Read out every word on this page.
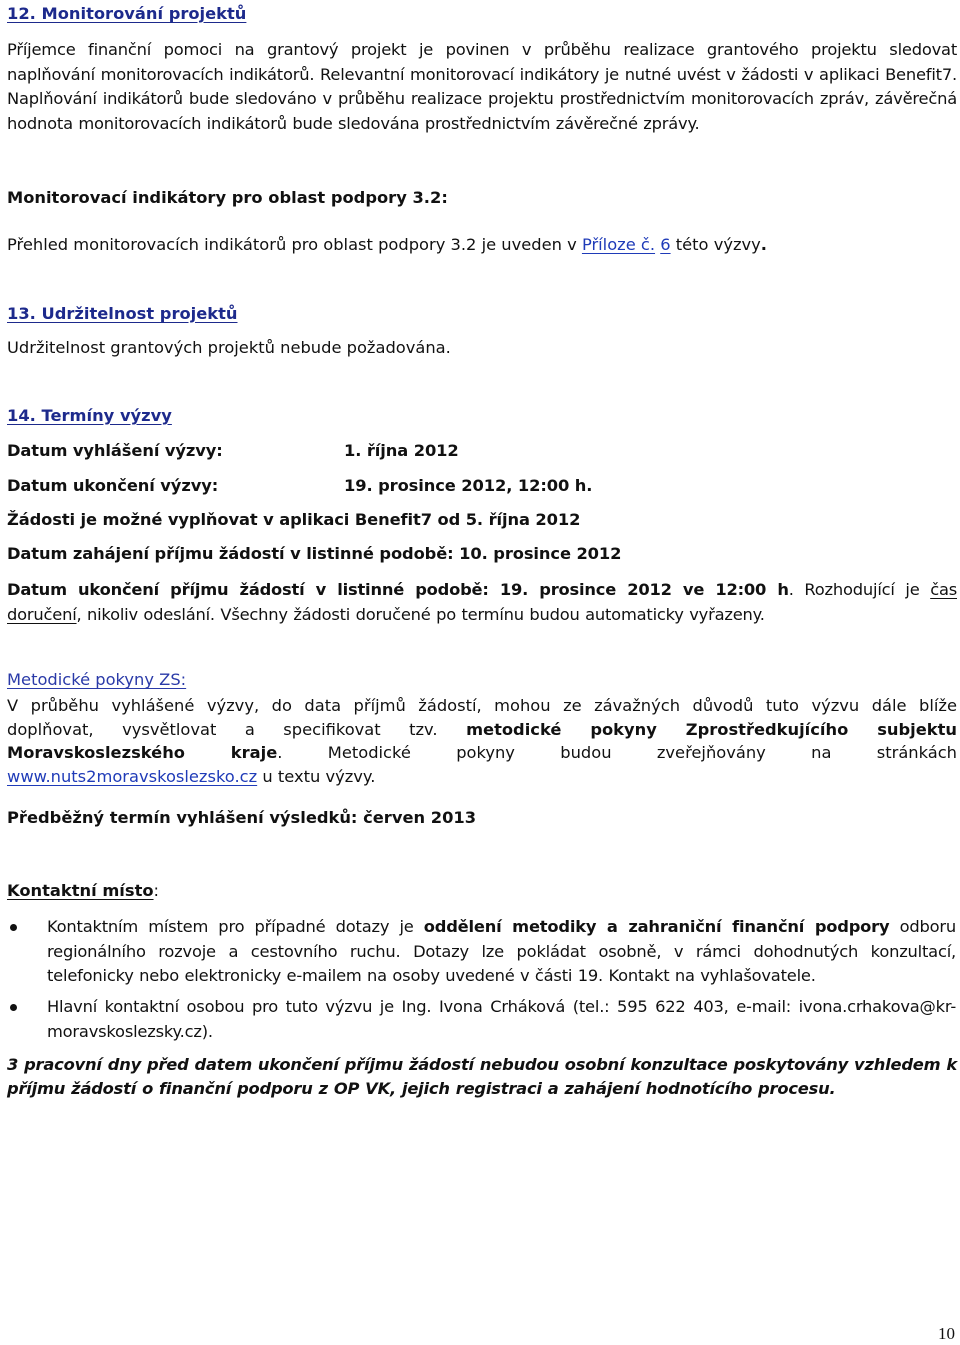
12. Monitorování projektů
Příjemce finanční pomoci na grantový projekt je povinen v průběhu realizace grantového projektu sledovat naplňování monitorovacích indikátorů. Relevantní monitorovací indikátory je nutné uvést v žádosti v aplikaci Benefit7. Naplňování indikátorů bude sledováno v průběhu realizace projektu prostřednictvím monitorovacích zpráv, závěrečná hodnota monitorovacích indikátorů bude sledována prostřednictvím závěrečné zprávy.
Monitorovací indikátory pro oblast podpory 3.2:
Přehled monitorovacích indikátorů pro oblast podpory 3.2 je uveden v Příloze č. 6 této výzvy.
13. Udržitelnost projektů
Udržitelnost grantových projektů nebude požadována.
14. Termíny výzvy
Datum vyhlášení výzvy:	1. října 2012
Datum ukončení výzvy:	19. prosince 2012, 12:00 h.
Žádosti je možné vyplňovat v aplikaci Benefit7 od 5. října 2012
Datum zahájení příjmu žádostí v listinné podobě: 10. prosince 2012
Datum ukončení příjmu žádostí v listinné podobě: 19. prosince 2012 ve 12:00 h. Rozhodující je čas doručení, nikoliv odeslání. Všechny žádosti doručené po termínu budou automaticky vyřazeny.
Metodické pokyny ZS:
V průběhu vyhlášené výzvy, do data příjmů žádostí, mohou ze závažných důvodů tuto výzvu dále blíže
doplňovat, vysvětlovat a specifikovat tzv. metodické pokyny Zprostředkujícího subjektu
Moravskoslezského kraje. Metodické pokyny budou zveřejňovány na stránkách
www.nuts2moravskoslezsko.cz u textu výzvy.
Předběžný termín vyhlášení výsledků: červen 2013
Kontaktní místo:
Kontaktním místem pro případné dotazy je oddělení metodiky a zahraniční finanční podpory odboru regionálního rozvoje a cestovního ruchu. Dotazy lze pokládat osobně, v rámci dohodnutých konzultací, telefonicky nebo elektronicky e-mailem na osoby uvedené v části 19. Kontakt na vyhlašovatele.
Hlavní kontaktní osobou pro tuto výzvu je Ing. Ivona Crháková (tel.: 595 622 403, e-mail: ivona.crhakova@kr-moravskoslezsky.cz).
3 pracovní dny před datem ukončení příjmu žádostí nebudou osobní konzultace poskytovány vzhledem k příjmu žádostí o finanční podporu z OP VK, jejich registraci a zahájení hodnotícího procesu.
10
